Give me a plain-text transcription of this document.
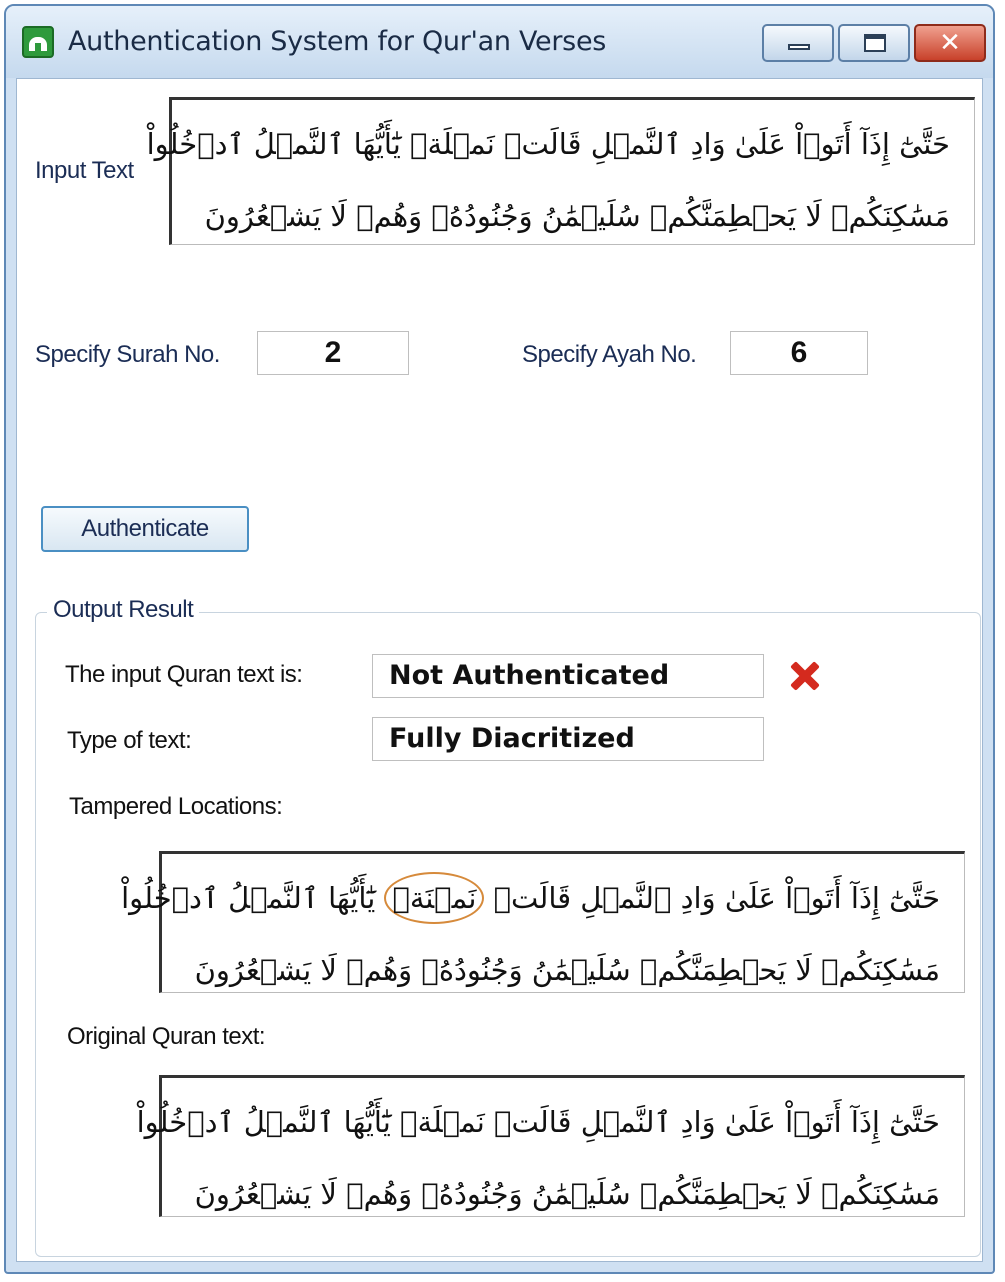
Authentication System for Qur'an Verses	✕
Input Text
حَتَّىٰٓ إِذَآ أَتَوۡاْ عَلَىٰ وَادِ ٱلنَّمۡلِ قَالَتۡ نَمۡلَةٞ يَٰٓأَيُّهَا ٱلنَّمۡلُ ٱدۡخُلُواْ
مَسَٰكِنَكُمۡ لَا يَحۡطِمَنَّكُمۡ سُلَيۡمَٰنُ وَجُنُودُهُۥ وَهُمۡ لَا يَشۡعُرُونَ
Specify Surah No.	2	Specify Ayah No.	6
Authenticate
Output Result
The input Quran text is:	Not Authenticated
Type of text:	Fully Diacritized
Tampered Locations:
حَتَّىٰٓ إِذَآ أَتَوۡاْ عَلَىٰ وَادِ ٱلنَّمۡلِ قَالَتۡ نَمۡنَةٞ يَٰٓأَيُّهَا ٱلنَّمۡلُ ٱدۡخُلُواْ
مَسَٰكِنَكُمۡ لَا يَحۡطِمَنَّكُمۡ سُلَيۡمَٰنُ وَجُنُودُهُۥ وَهُمۡ لَا يَشۡعُرُونَ
Original Quran text:
حَتَّىٰٓ إِذَآ أَتَوۡاْ عَلَىٰ وَادِ ٱلنَّمۡلِ قَالَتۡ نَمۡلَةٞ يَٰٓأَيُّهَا ٱلنَّمۡلُ ٱدۡخُلُواْ
مَسَٰكِنَكُمۡ لَا يَحۡطِمَنَّكُمۡ سُلَيۡمَٰنُ وَجُنُودُهُۥ وَهُمۡ لَا يَشۡعُرُونَ
